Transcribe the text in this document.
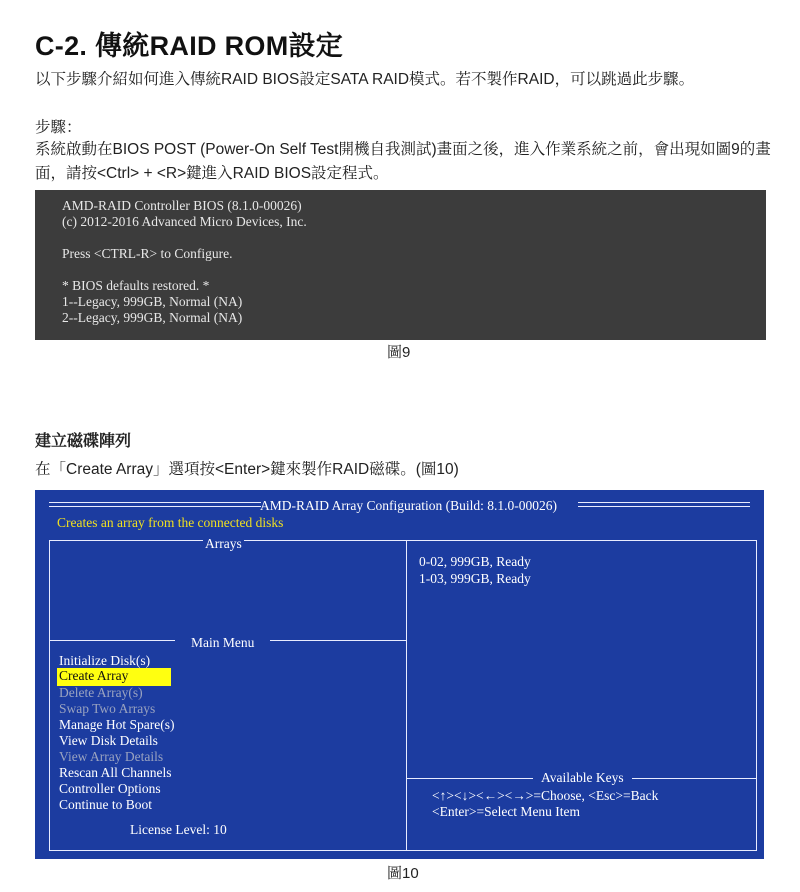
C-2. 傳統RAID ROM設定
以下步驟介紹如何進入傳統RAID BIOS設定SATA RAID模式。若不製作RAID，可以跳過此步驟。
步驟：
系統啟動在BIOS POST (Power-On Self Test開機自我測試)畫面之後，進入作業系統之前，會出現如圖9的畫面，請按<Ctrl> + <R>鍵進入RAID BIOS設定程式。
AMD-RAID Controller BIOS (8.1.0-00026)
(c) 2012-2016 Advanced Micro Devices, Inc.
Press <CTRL-R> to Configure.
* BIOS defaults restored. *
1--Legacy, 999GB, Normal (NA)
2--Legacy, 999GB, Normal (NA)
圖9
建立磁碟陣列
在「Create Array」選項按<Enter>鍵來製作RAID磁碟。(圖10)
AMD-RAID Array Configuration (Build: 8.1.0-00026)
Creates an array from the connected disks
Arrays
0-02, 999GB, Ready
1-03, 999GB, Ready
Main Menu
Initialize Disk(s)
Create Array
Delete Array(s)
Swap Two Arrays
Manage Hot Spare(s)
View Disk Details
View Array Details
Rescan All Channels
Controller Options
Continue to Boot
License Level: 10
Available Keys
<↑><↓><←><→>=Choose, <Esc>=Back
<Enter>=Select Menu Item
圖10
